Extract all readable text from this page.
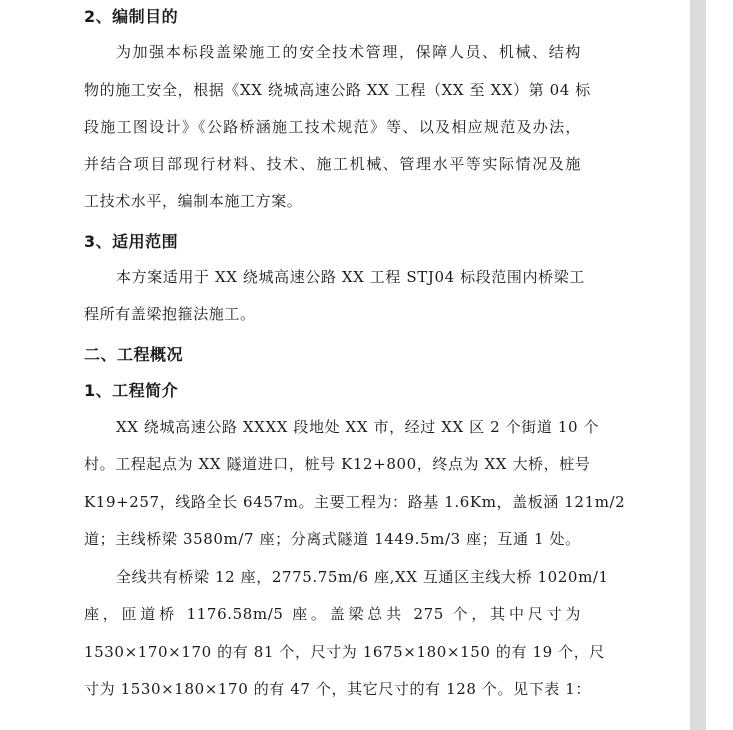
2、编制目的
为加强本标段盖梁施工的安全技术管理，保障人员、机械、结构
物的施工安全，根据《XX 绕城高速公路 XX 工程（XX 至 XX）第 04 标
段施工图设计》《公路桥涵施工技术规范》等、以及相应规范及办法，
并结合项目部现行材料、技术、施工机械、管理水平等实际情况及施
工技术水平，编制本施工方案。
3、适用范围
本方案适用于 XX 绕城高速公路 XX 工程 STJ04 标段范围内桥梁工
程所有盖梁抱箍法施工。
二、工程概况
1、工程简介
XX 绕城高速公路 XXXX 段地处 XX 市，经过 XX 区 2 个街道 10 个
村。工程起点为 XX 隧道进口，桩号 K12+800，终点为 XX 大桥，桩号
K19+257，线路全长 6457m。主要工程为：路基 1.6Km，盖板涵 121m/2
道；主线桥梁 3580m/7 座；分离式隧道 1449.5m/3 座；互通 1 处。
全线共有桥梁 12 座，2775.75m/6 座,XX 互通区主线大桥 1020m/1
座，匝道桥 1176.58m/5 座。盖梁总共 275 个，其中尺寸为
1530×170×170 的有 81 个，尺寸为 1675×180×150 的有 19 个，尺
寸为 1530×180×170 的有 47 个，其它尺寸的有 128 个。见下表 1：
